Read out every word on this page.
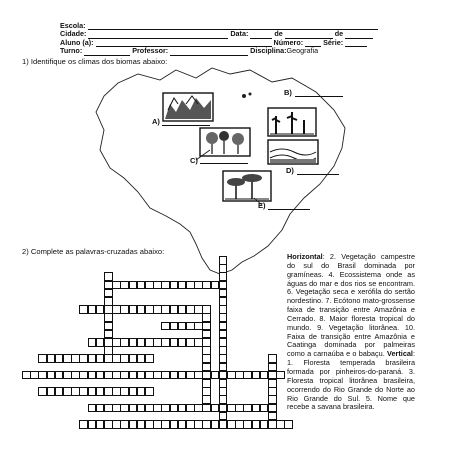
Escola:
Cidade:	Data:	de	de
Aluno (a):	Número:	Série:
Turno:	Professor:	Disciplina: Geografia
1) Identifique os climas dos biomas abaixo:
A)
B)
C)
D)
E)
2) Complete as palavras-cruzadas abaixo:
Horizontal: 2. Vegetação campestre do sul do Brasil dominada por gramíneas. 4. Ecossistema onde as águas do mar e dos rios se encontram. 6. Vegetação seca e xerófila do sertão nordestino. 7. Ecótono mato-grossense faixa de transição entre Amazônia e Cerrado. 8. Maior floresta tropical do mundo. 9. Vegetação litorânea. 10. Faixa de transição entre Amazônia e Caatinga dominada por palmeiras como a carnaúba e o babaçu. Vertical: 1. Floresta temperada brasileira formada por pinheiros-do-paraná. 3. Floresta tropical litorânea brasileira, ocorrendo do Rio Grande do Norte ao Rio Grande do Sul. 5. Nome que recebe a savana brasileira.
